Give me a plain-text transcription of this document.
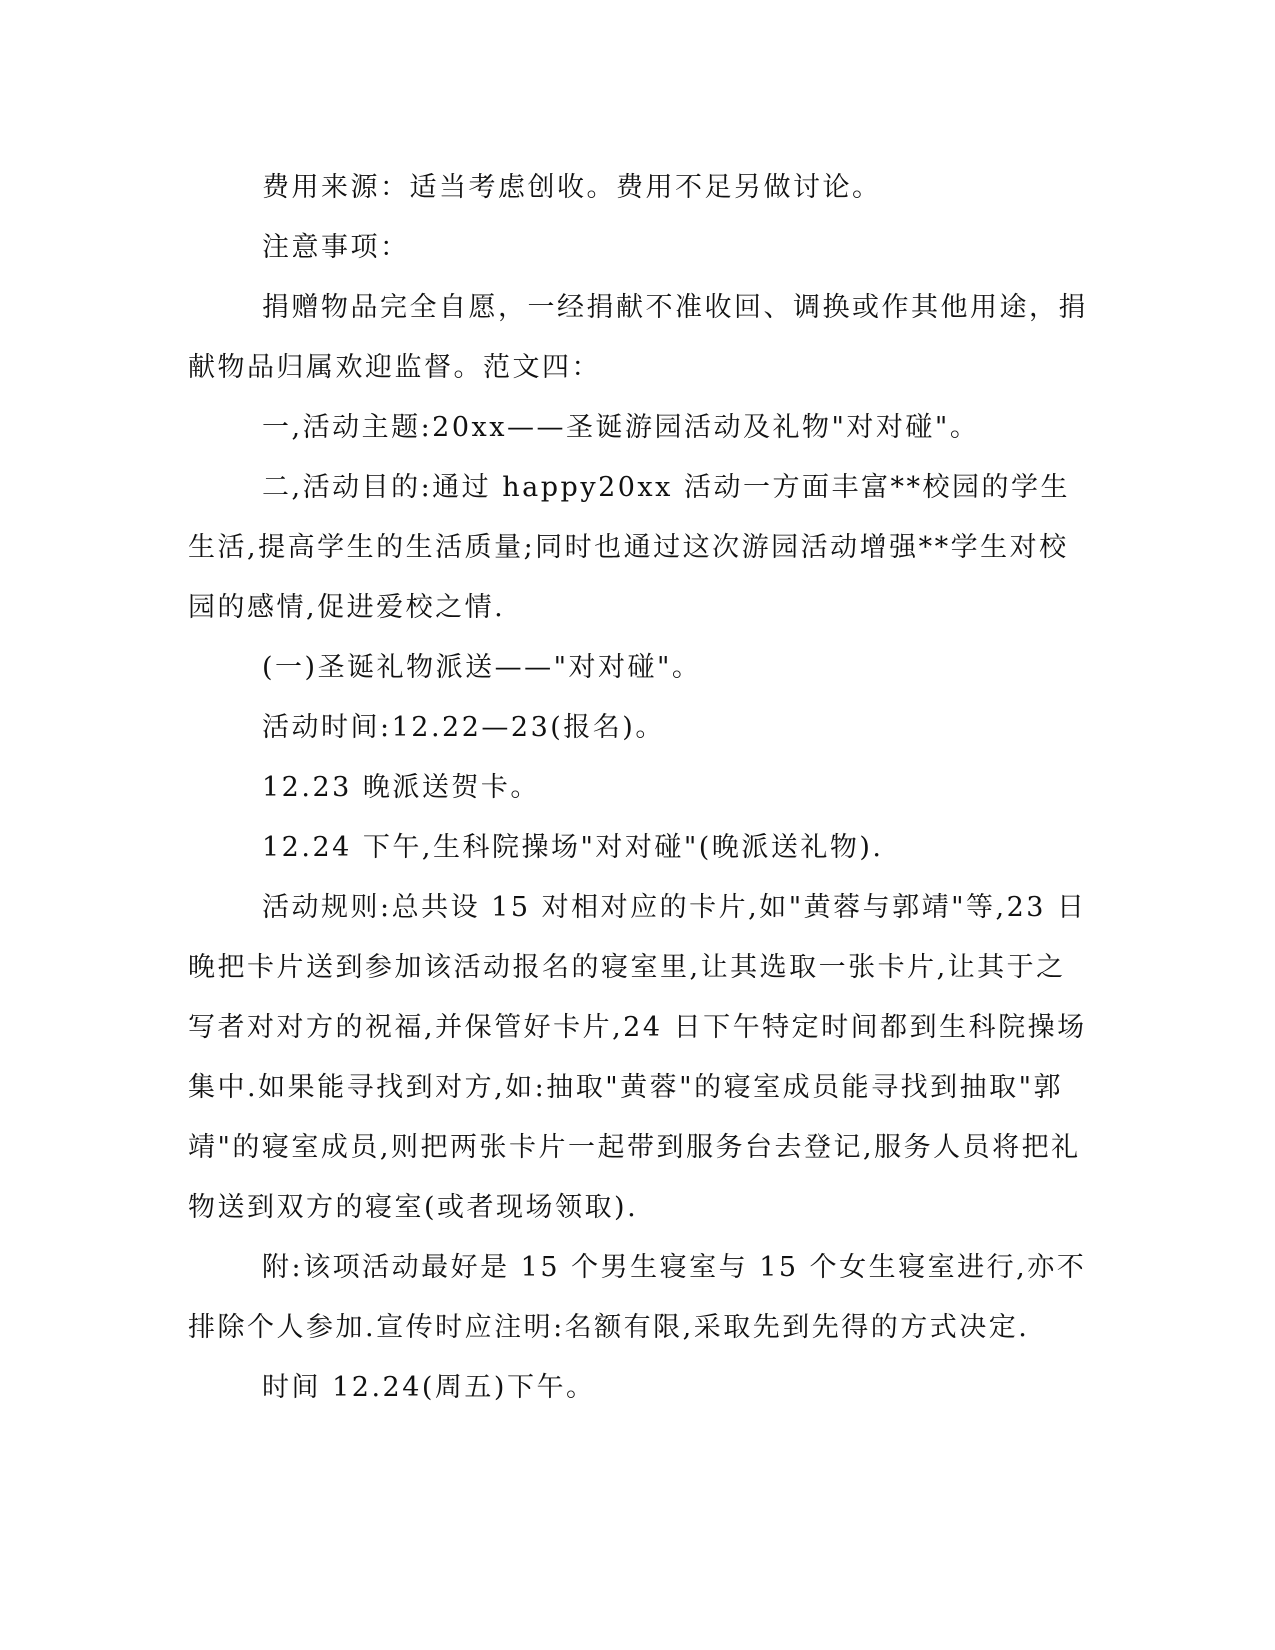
费用来源：适当考虑创收。费用不足另做讨论。

注意事项：

捐赠物品完全自愿，一经捐献不准收回、调换或作其他用途，捐献物品归属欢迎监督。范文四：

一,活动主题:20xx——圣诞游园活动及礼物"对对碰"。

二,活动目的:通过 happy20xx 活动一方面丰富**校园的学生生活,提高学生的生活质量;同时也通过这次游园活动增强**学生对校园的感情,促进爱校之情.

(一)圣诞礼物派送——"对对碰"。

活动时间:12.22—23(报名)。

12.23 晚派送贺卡。

12.24 下午,生科院操场"对对碰"(晚派送礼物).

活动规则:总共设 15 对相对应的卡片,如"黄蓉与郭靖"等,23 日晚把卡片送到参加该活动报名的寝室里,让其选取一张卡片,让其于之写者对对方的祝福,并保管好卡片,24 日下午特定时间都到生科院操场集中.如果能寻找到对方,如:抽取"黄蓉"的寝室成员能寻找到抽取"郭靖"的寝室成员,则把两张卡片一起带到服务台去登记,服务人员将把礼物送到双方的寝室(或者现场领取).

附:该项活动最好是 15 个男生寝室与 15 个女生寝室进行,亦不排除个人参加.宣传时应注明:名额有限,采取先到先得的方式决定.

时间 12.24(周五)下午。
